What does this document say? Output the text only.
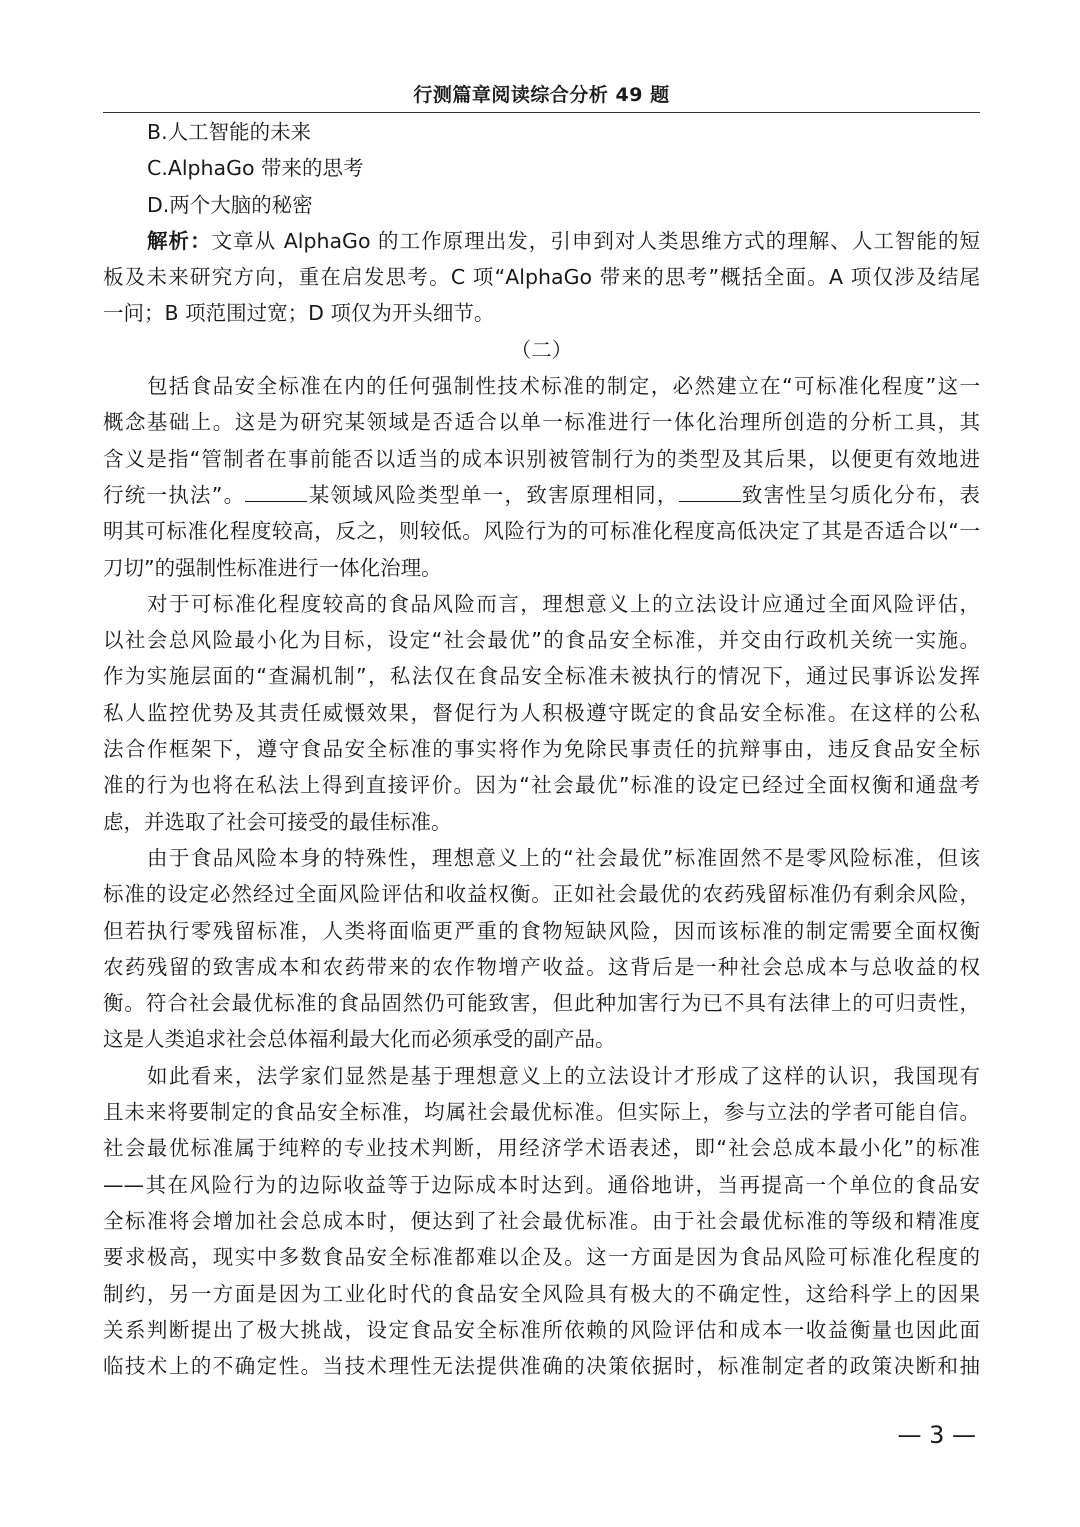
行测篇章阅读综合分析 49 题
B.人工智能的未来
C.AlphaGo 带来的思考
D.两个大脑的秘密
解析：文章从 AlphaGo 的工作原理出发，引申到对人类思维方式的理解、人工智能的短
板及未来研究方向，重在启发思考。C 项“AlphaGo 带来的思考”概括全面。A 项仅涉及结尾
一问；B 项范围过宽；D 项仅为开头细节。
（二）
包括食品安全标准在内的任何强制性技术标准的制定，必然建立在“可标准化程度”这一
概念基础上。这是为研究某领域是否适合以单一标准进行一体化治理所创造的分析工具，其
含义是指“管制者在事前能否以适当的成本识别被管制行为的类型及其后果，以便更有效地进
行统一执法”。	某领域风险类型单一，致害原理相同，	致害性呈匀质化分布，表
明其可标准化程度较高，反之，则较低。风险行为的可标准化程度高低决定了其是否适合以“一
刀切”的强制性标准进行一体化治理。
对于可标准化程度较高的食品风险而言，理想意义上的立法设计应通过全面风险评估，
以社会总风险最小化为目标，设定“社会最优”的食品安全标准，并交由行政机关统一实施。
作为实施层面的“查漏机制”，私法仅在食品安全标准未被执行的情况下，通过民事诉讼发挥
私人监控优势及其责任威慑效果，督促行为人积极遵守既定的食品安全标准。在这样的公私
法合作框架下，遵守食品安全标准的事实将作为免除民事责任的抗辩事由，违反食品安全标
准的行为也将在私法上得到直接评价。因为“社会最优”标准的设定已经过全面权衡和通盘考
虑，并选取了社会可接受的最佳标准。
由于食品风险本身的特殊性，理想意义上的“社会最优”标准固然不是零风险标准，但该
标准的设定必然经过全面风险评估和收益权衡。正如社会最优的农药残留标准仍有剩余风险，
但若执行零残留标准，人类将面临更严重的食物短缺风险，因而该标准的制定需要全面权衡
农药残留的致害成本和农药带来的农作物增产收益。这背后是一种社会总成本与总收益的权
衡。符合社会最优标准的食品固然仍可能致害，但此种加害行为已不具有法律上的可归责性，
这是人类追求社会总体福利最大化而必须承受的副产品。
如此看来，法学家们显然是基于理想意义上的立法设计才形成了这样的认识，我国现有
且未来将要制定的食品安全标准，均属社会最优标准。但实际上，参与立法的学者可能自信。
社会最优标准属于纯粹的专业技术判断，用经济学术语表述，即“社会总成本最小化”的标准
——其在风险行为的边际收益等于边际成本时达到。通俗地讲，当再提高一个单位的食品安
全标准将会增加社会总成本时，便达到了社会最优标准。由于社会最优标准的等级和精准度
要求极高，现实中多数食品安全标准都难以企及。这一方面是因为食品风险可标准化程度的
制约，另一方面是因为工业化时代的食品安全风险具有极大的不确定性，这给科学上的因果
关系判断提出了极大挑战，设定食品安全标准所依赖的风险评估和成本一收益衡量也因此面
临技术上的不确定性。当技术理性无法提供准确的决策依据时，标准制定者的政策决断和抽
— 3 —
